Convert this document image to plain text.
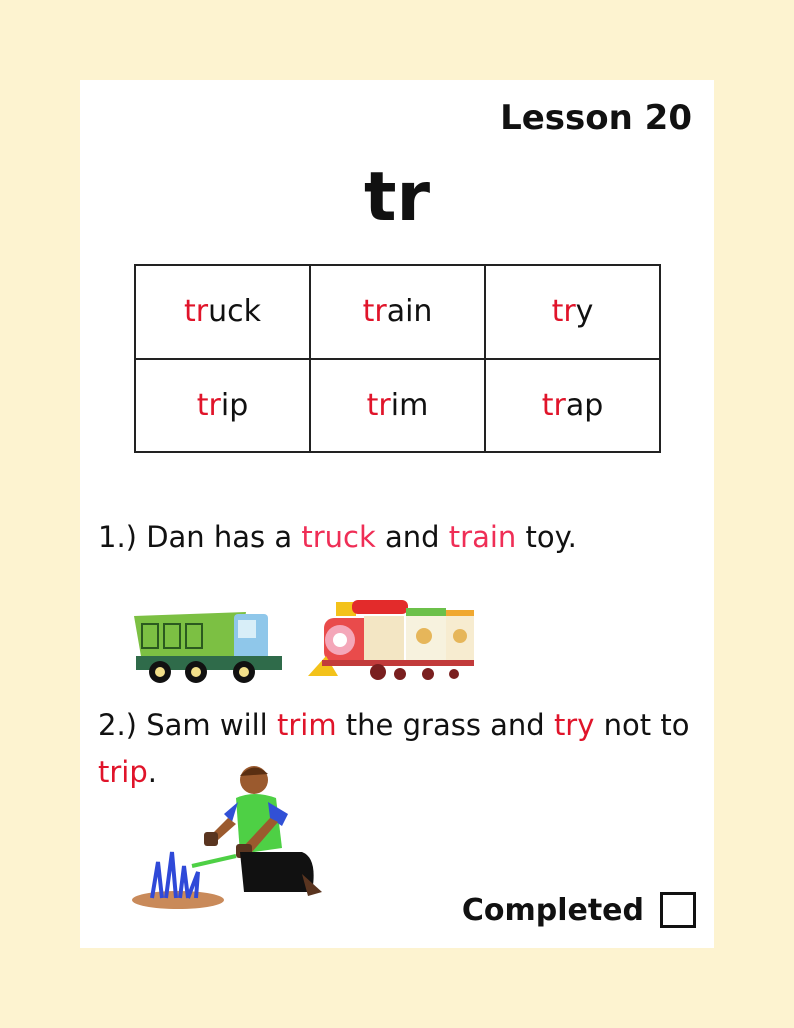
Lesson 20
tr
truck	train	try
trip	trim	trap
1.) Dan has a truck and train toy.
2.) Sam will trim the grass and try not to trip.
Completed
